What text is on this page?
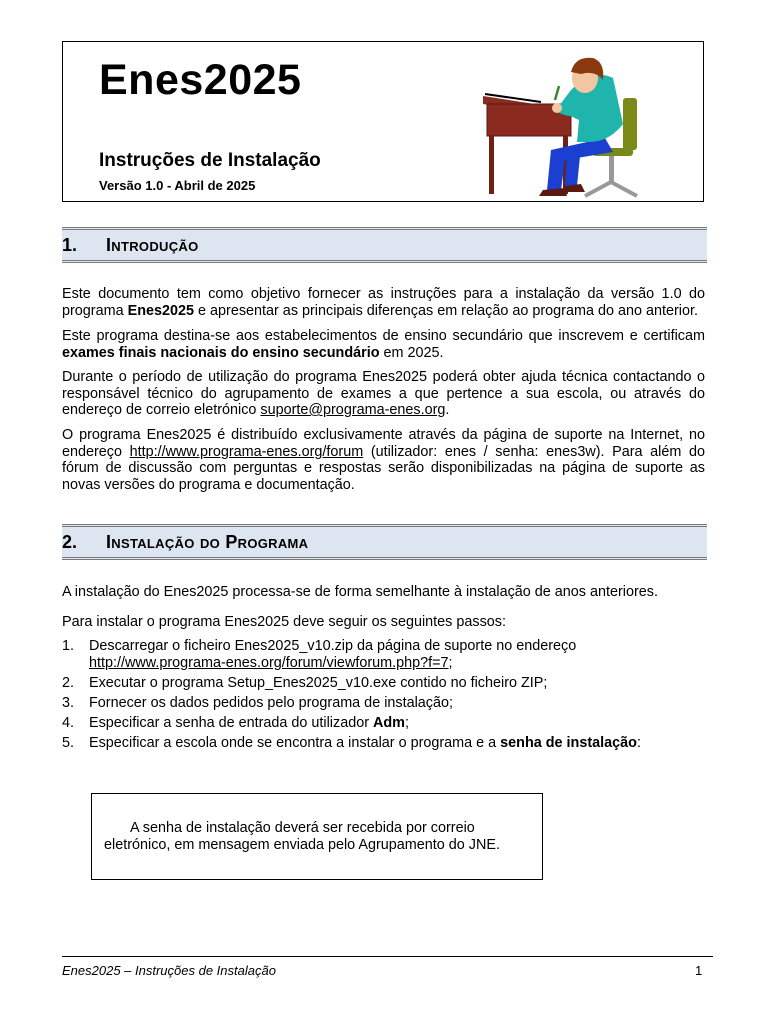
Enes2025
Instruções de Instalação
Versão 1.0 - Abril de 2025
1. Introdução

Este documento tem como objetivo fornecer as instruções para a instalação da versão 1.0 do programa Enes2025 e apresentar as principais diferenças em relação ao programa do ano anterior.

Este programa destina-se aos estabelecimentos de ensino secundário que inscrevem e certificam exames finais nacionais do ensino secundário em 2025.

Durante o período de utilização do programa Enes2025 poderá obter ajuda técnica contactando o responsável técnico do agrupamento de exames a que pertence a sua escola, ou através do endereço de correio eletrónico suporte@programa-enes.org.

O programa Enes2025 é distribuído exclusivamente através da página de suporte na Internet, no endereço http://www.programa-enes.org/forum (utilizador: enes / senha: enes3w). Para além do fórum de discussão com perguntas e respostas serão disponibilizadas na página de suporte as novas versões do programa e documentação.

2. Instalação do Programa

A instalação do Enes2025 processa-se de forma semelhante à instalação de anos anteriores.

Para instalar o programa Enes2025 deve seguir os seguintes passos:

1. Descarregar o ficheiro Enes2025_v10.zip da página de suporte no endereço
http://www.programa-enes.org/forum/viewforum.php?f=7;
2. Executar o programa Setup_Enes2025_v10.exe contido no ficheiro ZIP;
3. Fornecer os dados pedidos pelo programa de instalação;
4. Especificar a senha de entrada do utilizador Adm;
5. Especificar a escola onde se encontra a instalar o programa e a senha de instalação:
A senha de instalação deverá ser recebida por correio
eletrónico, em mensagem enviada pelo Agrupamento do JNE.
Enes2025 – Instruções de Instalação	1
